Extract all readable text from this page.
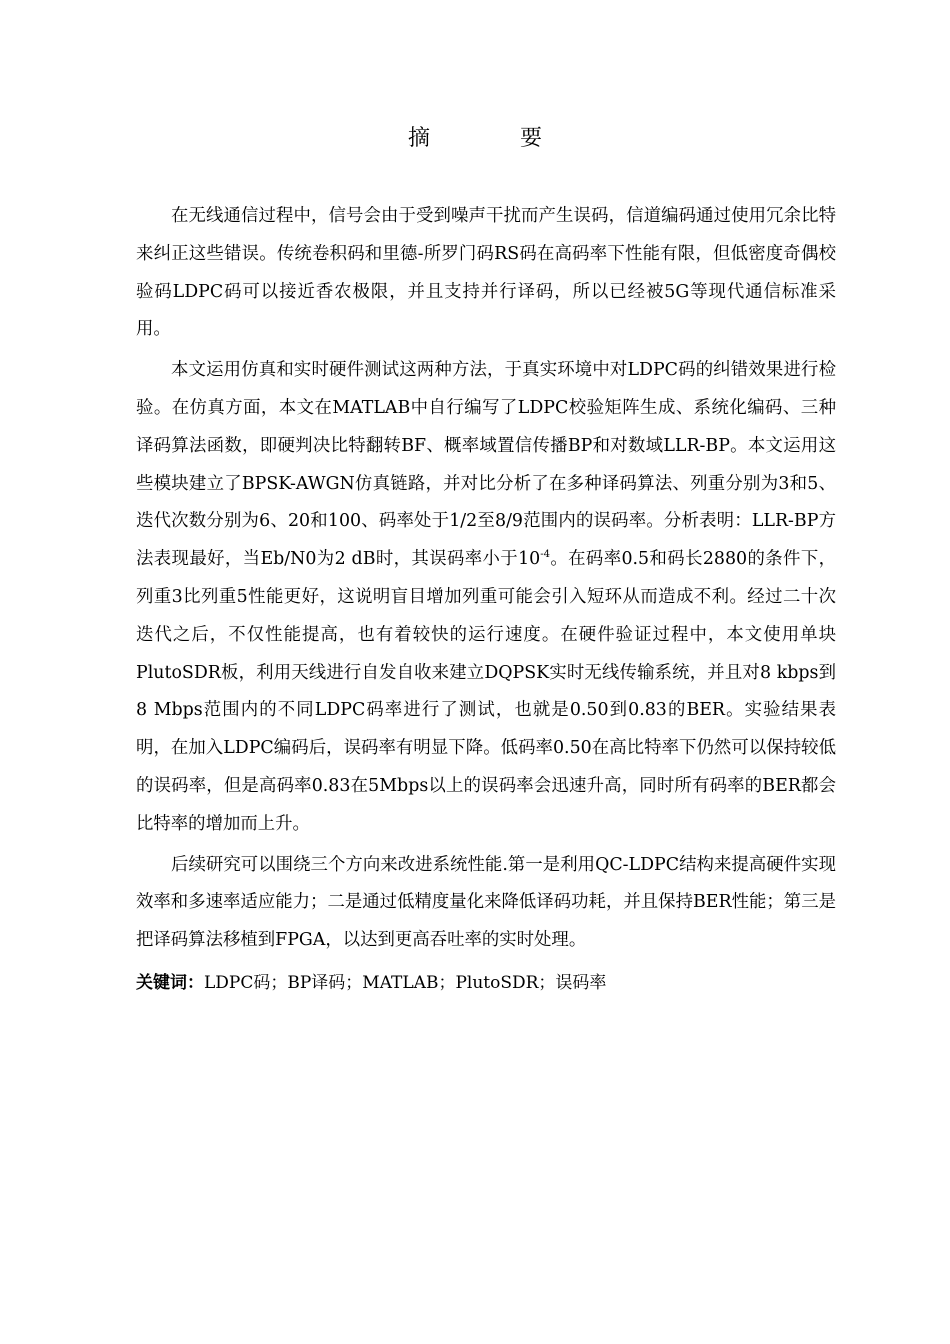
摘　要

在无线通信过程中，信号会由于受到噪声干扰而产生误码，信道编码通过使用冗余比特来纠正这些错误。传统卷积码和里德-所罗门码RS码在高码率下性能有限，但低密度奇偶校验码LDPC码可以接近香农极限，并且支持并行译码，所以已经被5G等现代通信标准采用。

本文运用仿真和实时硬件测试这两种方法，于真实环境中对LDPC码的纠错效果进行检验。在仿真方面，本文在MATLAB中自行编写了LDPC校验矩阵生成、系统化编码、三种译码算法函数，即硬判决比特翻转BF、概率域置信传播BP和对数域LLR-BP。本文运用这些模块建立了BPSK-AWGN仿真链路，并对比分析了在多种译码算法、列重分别为3和5、迭代次数分别为6、20和100、码率处于1/2至8/9范围内的误码率。分析表明：LLR-BP方法表现最好，当Eb/N0为2 dB时，其误码率小于$10^{-4}$。在码率0.5和码长2880的条件下，列重3比列重5性能更好，这说明盲目增加列重可能会引入短环从而造成不利。经过二十次迭代之后，不仅性能提高，也有着较快的运行速度。在硬件验证过程中，本文使用单块PlutoSDR板，利用天线进行自发自收来建立DQPSK实时无线传输系统，并且对8 kbps到8 Mbps范围内的不同LDPC码率进行了测试，也就是0.50到0.83的BER。实验结果表明，在加入LDPC编码后，误码率有明显下降。低码率0.50在高比特率下仍然可以保持较低的误码率，但是高码率0.83在5Mbps以上的误码率会迅速升高，同时所有码率的BER都会比特率的增加而上升。

后续研究可以围绕三个方向来改进系统性能.第一是利用QC-LDPC结构来提高硬件实现效率和多速率适应能力；二是通过低精度量化来降低译码功耗，并且保持BER性能；第三是把译码算法移植到FPGA，以达到更高吞吐率的实时处理。

关键词：LDPC码；BP译码；MATLAB；PlutoSDR；误码率
